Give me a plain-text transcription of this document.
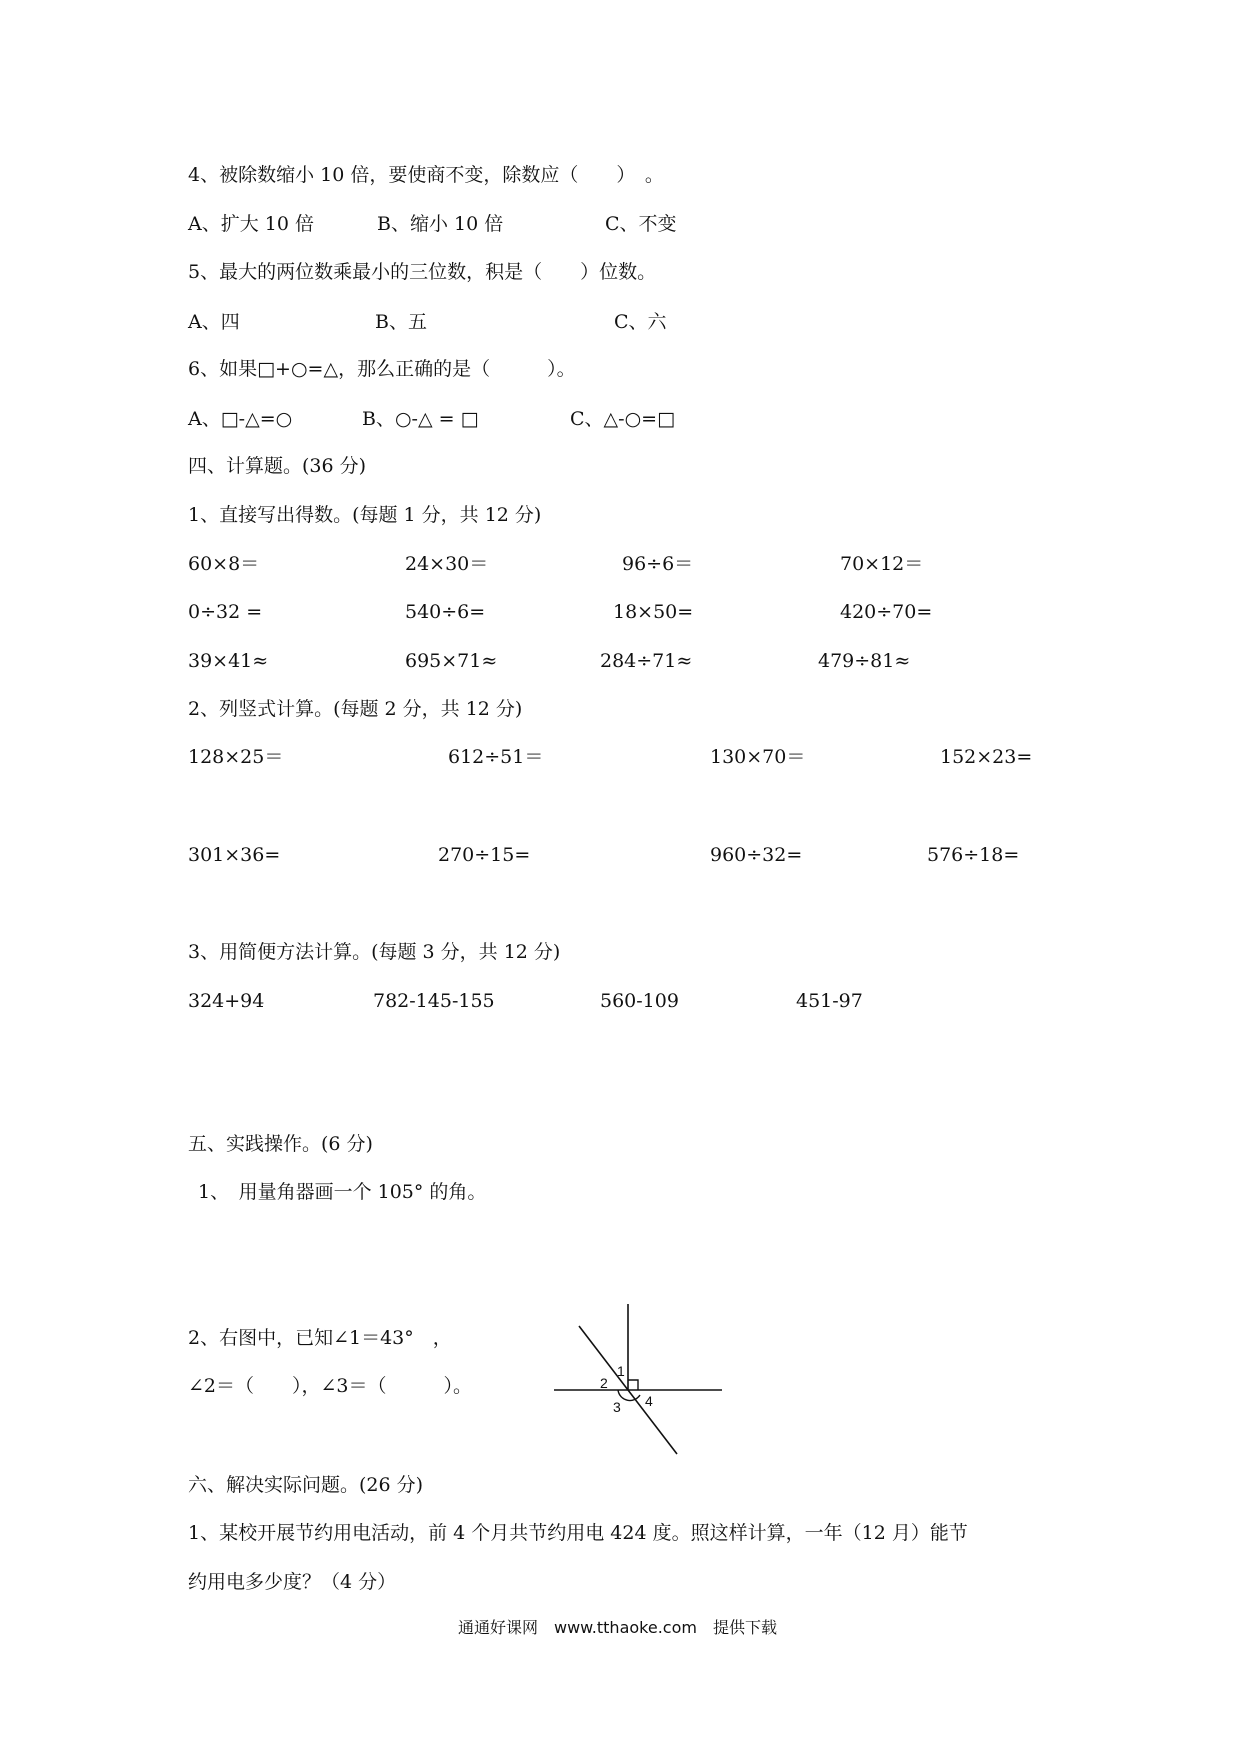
4、被除数缩小 10 倍，要使商不变，除数应（　　）　。
A、扩大 10 倍	B、缩小 10 倍	C、不变
5、最大的两位数乘最小的三位数，积是（　　）位数。
A、四	B、五	C、六
6、如果□+○=△，那么正确的是（　　　）。
A、□-△=○	B、○-△ = □	C、△-○=□
四、计算题。(36 分)
1、直接写出得数。(每题 1 分，共 12 分)
60×8＝	24×30＝	96÷6＝	70×12＝
0÷32 =	540÷6=	18×50=	420÷70=
39×41≈	695×71≈	284÷71≈	479÷81≈
2、列竖式计算。(每题 2 分，共 12 分)
128×25＝	612÷51＝	130×70＝	152×23=
301×36=	270÷15=	960÷32=	576÷18=
3、用简便方法计算。(每题 3 分，共 12 分)
324+94	782-145-155	560-109	451-97
五、实践操作。(6 分)
1、　用量角器画一个 105° 的角。
2、右图中，已知∠1＝43°　，
∠2＝（　　），∠3＝（　　　）。
1
2
3 4
六、解决实际问题。(26 分)
1、某校开展节约用电活动，前 4 个月共节约用电 424 度。照这样计算，一年（12 月）能节
约用电多少度？（4 分）
通通好课网　www.tthaoke.com　提供下载
